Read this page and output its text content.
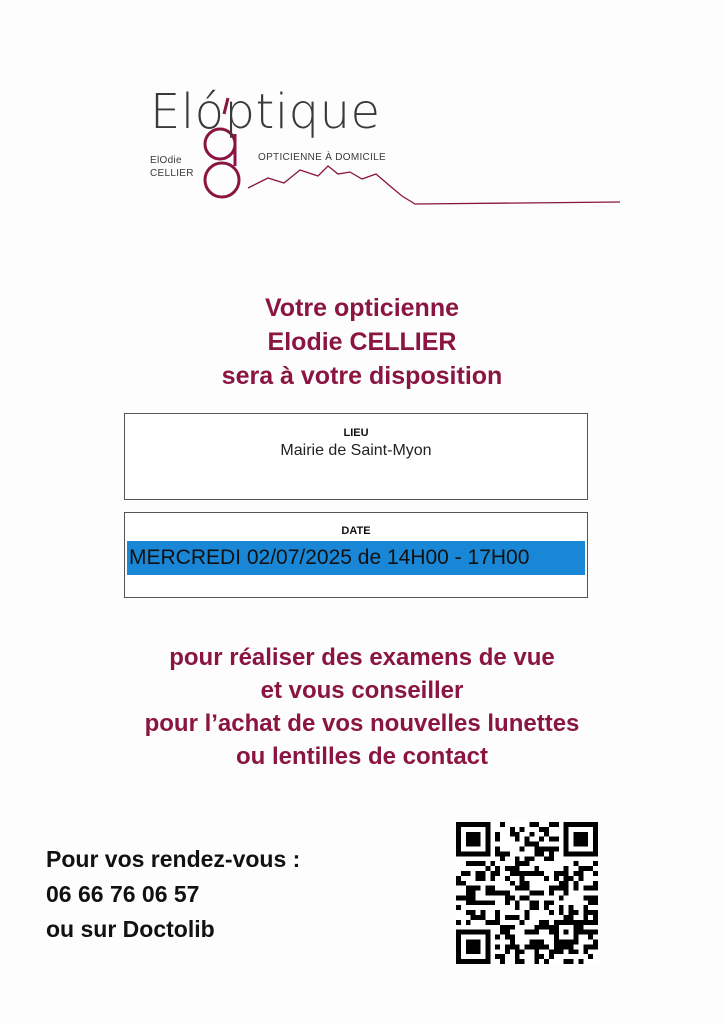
Elóptique
ElOdie
CELLIER
OPTICIENNE À DOMICILE
Votre opticienne
Elodie CELLIER
sera à votre disposition
LIEU
Mairie de Saint-Myon
DATE
MERCREDI 02/07/2025 de 14H00 - 17H00
pour réaliser des examens de vue
et vous conseiller
pour l’achat de vos nouvelles lunettes
ou lentilles de contact
Pour vos rendez-vous :
06 66 76 06 57
ou sur Doctolib
